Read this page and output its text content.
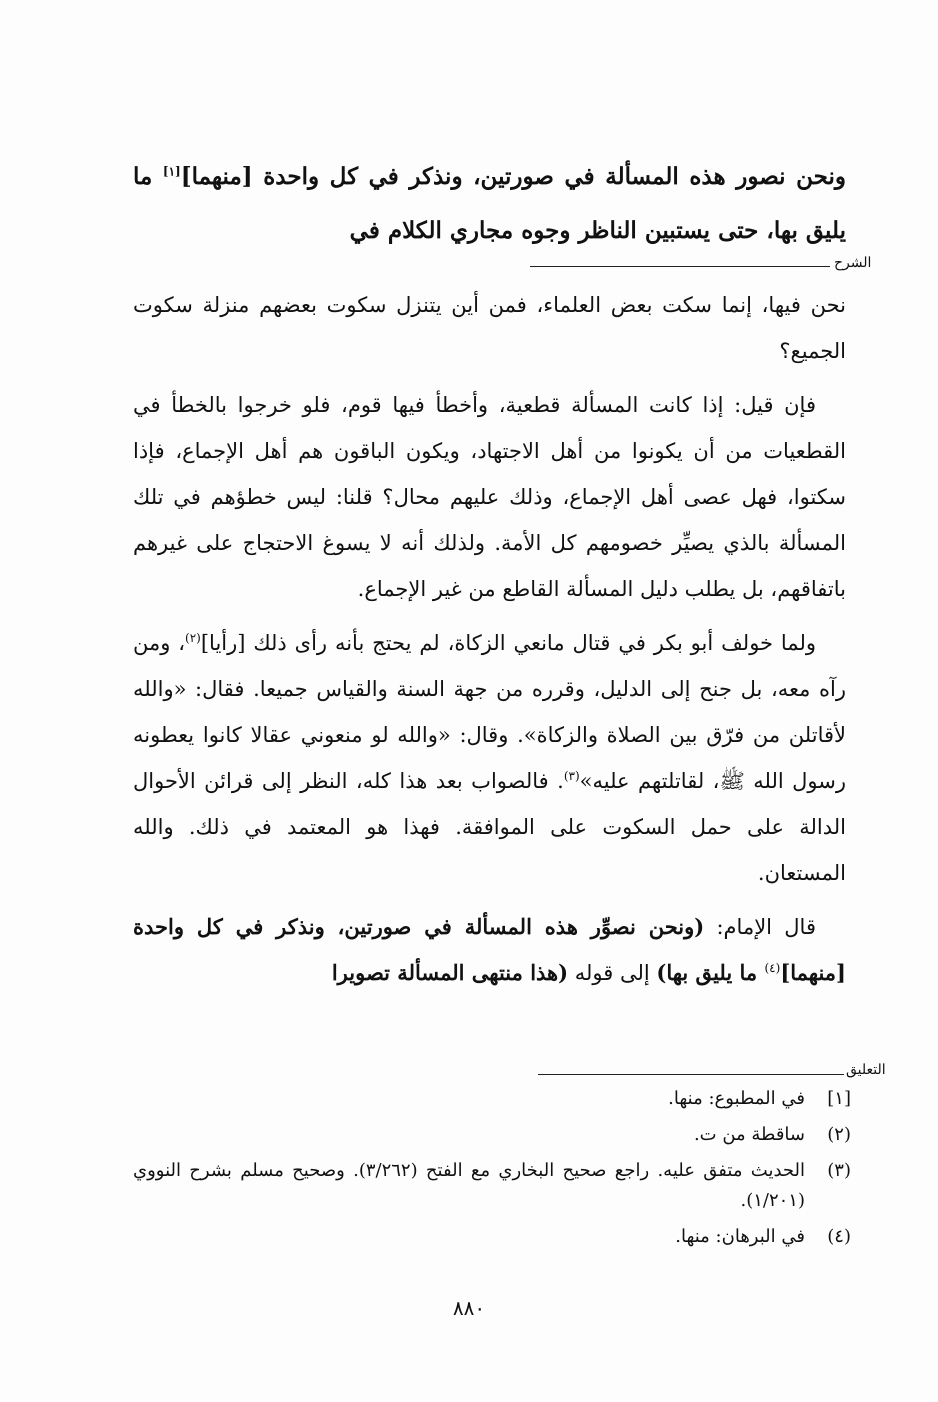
ونحن نصور هذه المسألة في صورتين، ونذكر في كل واحدة [منهما][١] ما يليق بها، حتى يستبين الناظر وجوه مجاري الكلام في
الشرح

نحن فيها، إنما سكت بعض العلماء، فمن أين يتنزل سكوت بعضهم منزلة سكوت الجميع؟

فإن قيل: إذا كانت المسألة قطعية، وأخطأ فيها قوم، فلو خرجوا بالخطأ في القطعيات من أن يكونوا من أهل الاجتهاد، ويكون الباقون هم أهل الإجماع، فإذا سكتوا، فهل عصى أهل الإجماع، وذلك عليهم محال؟ قلنا: ليس خطؤهم في تلك المسألة بالذي يصيِّر خصومهم كل الأمة. ولذلك أنه لا يسوغ الاحتجاج على غيرهم باتفاقهم، بل يطلب دليل المسألة القاطع من غير الإجماع.

ولما خولف أبو بكر في قتال مانعي الزكاة، لم يحتج بأنه رأى ذلك [رأيا]$^{(٢)}$، ومن رآه معه، بل جنح إلى الدليل، وقرره من جهة السنة والقياس جميعا. فقال: «والله لأقاتلن من فرّق بين الصلاة والزكاة». وقال: «والله لو منعوني عقالا كانوا يعطونه رسول الله ﷺ، لقاتلتهم عليه»$^{(٣)}$. فالصواب بعد هذا كله، النظر إلى قرائن الأحوال الدالة على حمل السكوت على الموافقة. فهذا هو المعتمد في ذلك. والله المستعان.

قال الإمام: (ونحن نصوِّر هذه المسألة في صورتين، ونذكر في كل واحدة [منهما]$^{(٤)}$ ما يليق بها) إلى قوله (هذا منتهى المسألة تصويرا

التعليق
[١]
في المطبوع: منها.
(٢)
ساقطة من ت.
(٣)
الحديث متفق عليه. راجع صحيح البخاري مع الفتح (٣/٢٦٢). وصحيح مسلم بشرح النووي (١/٢٠١).
(٤)
في البرهان: منها.
٨٨٠
